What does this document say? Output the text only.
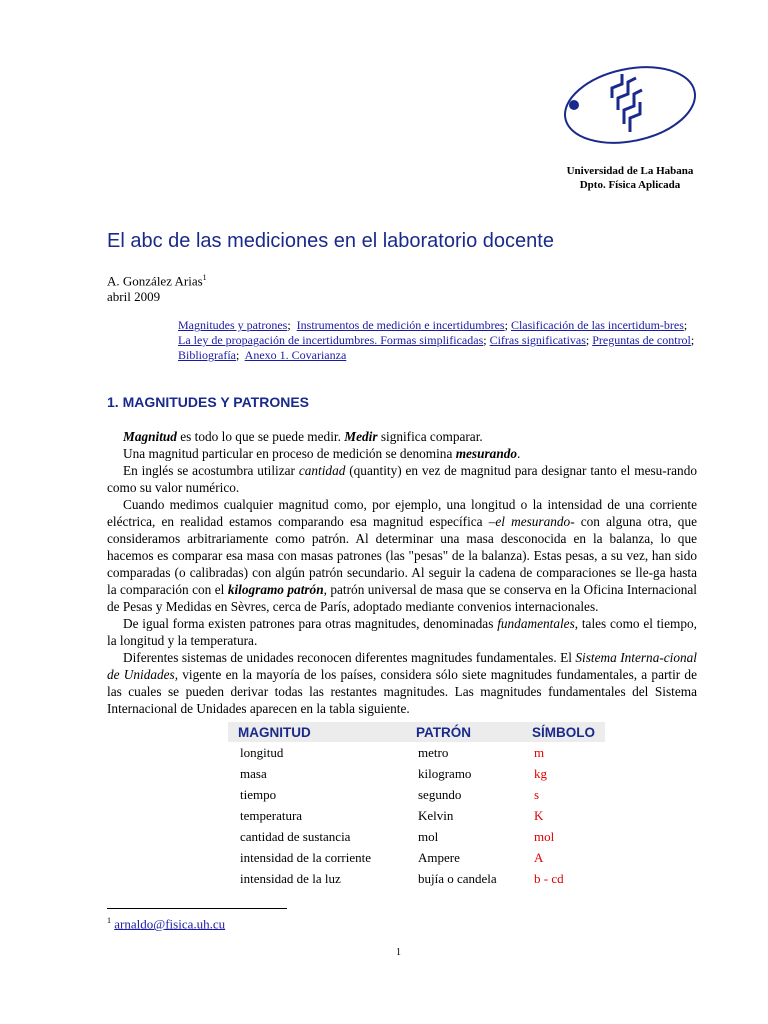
Universidad de La Habana
Dpto. Física Aplicada
El abc de las mediciones en el laboratorio docente
A. González Arias$^1$
abril 2009
Magnitudes y patrones;  Instrumentos de medición e incertidumbres; Clasificación de las incertidum-bres; La ley de propagación de incertidumbres. Formas simplificadas; Cifras significativas; Preguntas de control; Bibliografía;  Anexo 1. Covarianza
1. MAGNITUDES Y PATRONES

Magnitud es todo lo que se puede medir. Medir significa comparar.

Una magnitud particular en proceso de medición se denomina mesurando.

En inglés se acostumbra utilizar cantidad (quantity) en vez de magnitud para designar tanto el mesu-rando como su valor numérico.

Cuando medimos cualquier magnitud como, por ejemplo, una longitud o la intensidad de una corriente eléctrica, en realidad estamos comparando esa magnitud específica –el mesurando- con alguna otra, que consideramos arbitrariamente como patrón. Al determinar una masa desconocida en la balanza, lo que hacemos es comparar esa masa con masas patrones (las "pesas" de la balanza). Estas pesas, a su vez, han sido comparadas (o calibradas) con algún patrón secundario. Al seguir la cadena de comparaciones se lle-ga hasta la comparación con el kilogramo patrón, patrón universal de masa que se conserva en la Oficina Internacional de Pesas y Medidas en Sèvres, cerca de París, adoptado mediante convenios internacionales.

De igual forma existen patrones para otras magnitudes, denominadas fundamentales, tales como el tiempo, la longitud y la temperatura.

Diferentes sistemas de unidades reconocen diferentes magnitudes fundamentales. El Sistema Interna-cional de Unidades, vigente en la mayoría de los países, considera sólo siete magnitudes fundamentales, a partir de las cuales se pueden derivar todas las restantes magnitudes. Las magnitudes fundamentales del Sistema Internacional de Unidades aparecen en la tabla siguiente.

MAGNITUD	PATRÓN	SÍMBOLO
longitud	metro	m
masa	kilogramo	kg
tiempo	segundo	s
temperatura	Kelvin	K
cantidad de sustancia	mol	mol
intensidad de la corriente	Ampere	A
intensidad de la luz	bujía o candela	b - cd
$^1$ arnaldo@fisica.uh.cu
1
